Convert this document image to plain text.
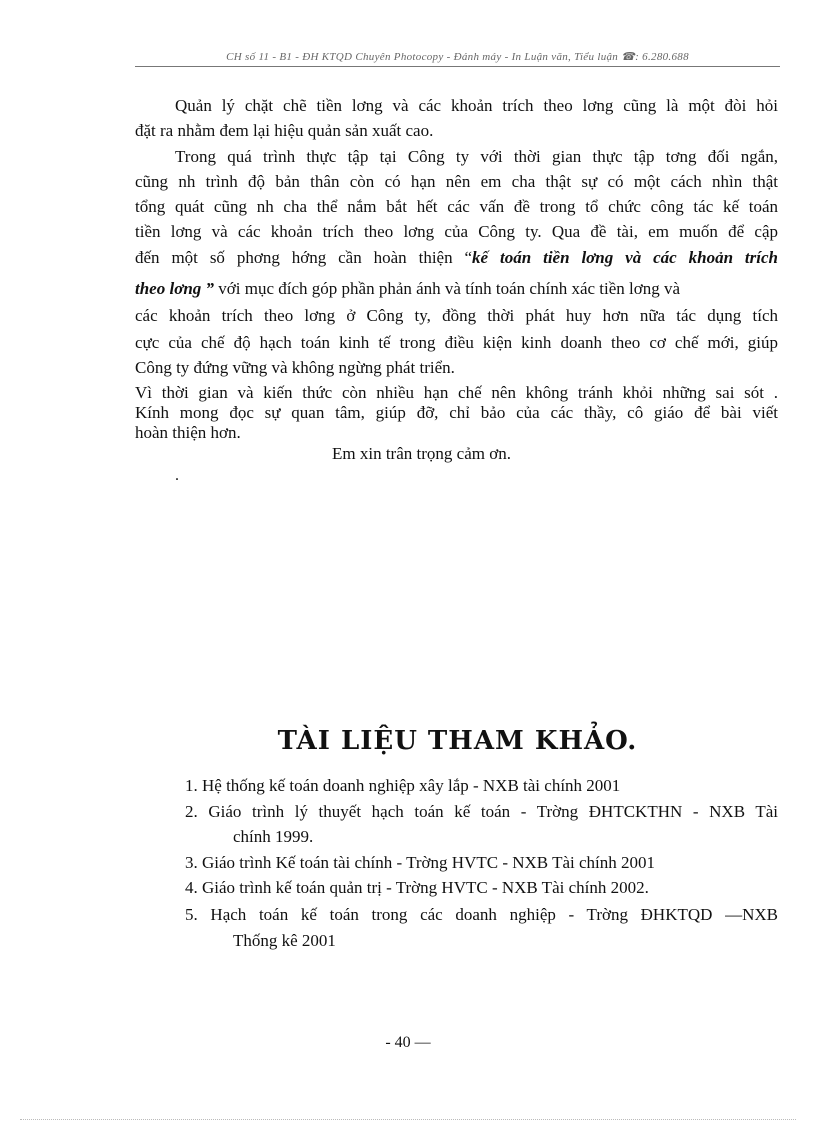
CH số 11 - B1 - ĐH KTQD Chuyên Photocopy - Đánh máy - In Luận văn, Tiểu luận ☎: 6.280.688
Quản lý chặt chẽ tiền lơng và các khoản trích theo lơng cũng là một đòi hỏi
đặt ra nhằm đem lại hiệu quản sản xuất cao.
Trong quá trình thực tập tại Công ty với thời gian thực tập tơng đối ngắn,
cũng nh trình độ bản thân còn có hạn nên em cha thật sự có một cách nhìn thật
tổng quát cũng nh cha thể nắm bắt hết các vấn đề trong tổ chức công tác kế toán
tiền lơng và các khoản trích theo lơng của Công ty. Qua đề tài, em muốn để cập
đến một số phơng hớng cần hoàn thiện “kế toán tiền lơng và các khoản trích
theo lơng ” với mục đích góp phần phản ánh và tính toán chính xác tiền lơng và
các khoản trích theo lơng ở Công ty, đồng thời phát huy hơn nữa tác dụng tích
cực của chế độ hạch toán kinh tế trong điều kiện kinh doanh theo cơ chế mới, giúp
Công ty đứng vững và không ngừng phát triển.
Vì thời gian và kiến thức còn nhiều hạn chế nên không tránh khỏi những sai sót .
Kính mong đọc sự quan tâm, giúp đỡ, chỉ bảo của các thầy, cô giáo để bài viết
hoàn thiện hơn.
Em xin trân trọng cảm ơn.
.
TÀI LIỆU THAM KHẢO.
1. Hệ thống kế toán doanh nghiệp xây lắp - NXB tài chính 2001
2. Giáo trình lý thuyết hạch toán kế toán - Trờng ĐHTCKTHN - NXB Tài
chính 1999.
3. Giáo trình Kế toán tài chính - Trờng HVTC - NXB Tài chính 2001
4. Giáo trình kế toán quản trị - Trờng HVTC - NXB Tài chính 2002.
5. Hạch toán kế toán trong các doanh nghiệp - Trờng ĐHKTQD —NXB
Thống kê 2001
- 40 —
